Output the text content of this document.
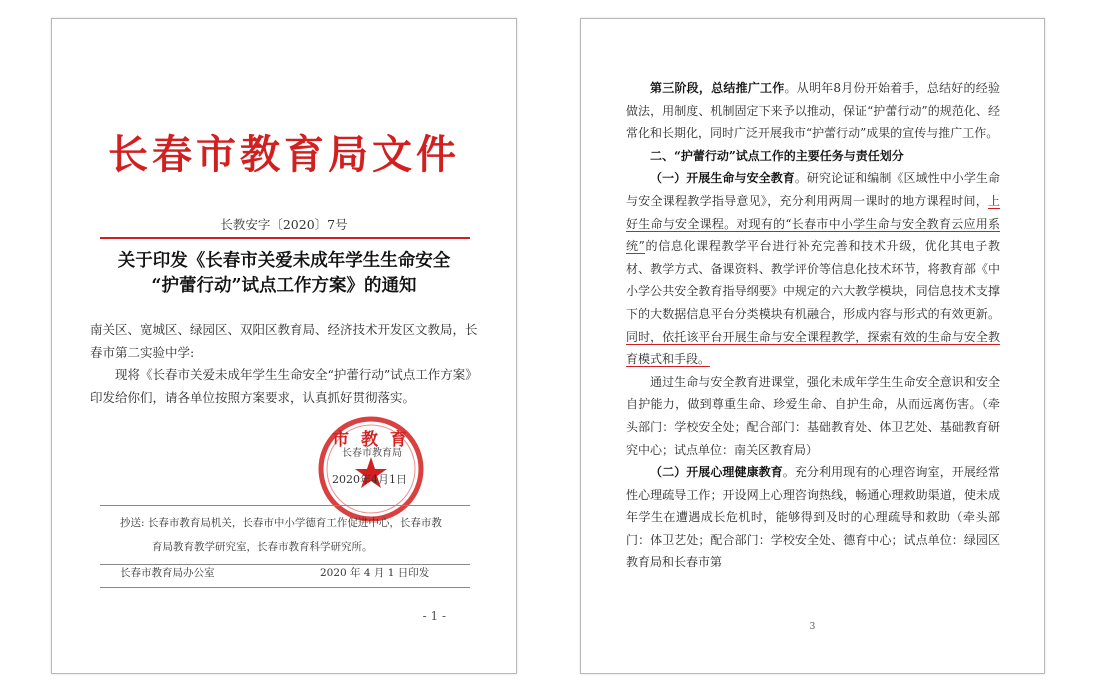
长春市教育局文件
长教安字〔2020〕7号
关于印发《长春市关爱未成年学生生命安全
“护蕾行动”试点工作方案》的通知
南关区、宽城区、绿园区、双阳区教育局、经济技术开发区文教局，长春市第二实验中学:
现将《长春市关爱未成年学生生命安全“护蕾行动”试点工作方案》印发给你们，请各单位按照方案要求，认真抓好贯彻落实。
市 教 育
长春市教育局
2020年4月1日
抄送: 长春市教育局机关，长春市中小学德育工作促进中心，长春市教
育局教育教学研究室，长春市教育科学研究所。
长春市教育局办公室	2020 年 4 月 1 日印发
- 1 -

第三阶段，总结推广工作。从明年8月份开始着手，总结好的经验做法，用制度、机制固定下来予以推动，保证“护蕾行动”的规范化、经常化和长期化，同时广泛开展我市“护蕾行动”成果的宣传与推广工作。

二、“护蕾行动”试点工作的主要任务与责任划分

（一）开展生命与安全教育。研究论证和编制《区域性中小学生命与安全课程教学指导意见》，充分利用两周一课时的地方课程时间，上好生命与安全课程。对现有的“长春市中小学生命与安全教育云应用系统”的信息化课程教学平台进行补充完善和技术升级，优化其电子教材、教学方式、备课资料、教学评价等信息化技术环节，将教育部《中小学公共安全教育指导纲要》中规定的六大教学模块，同信息技术支撑下的大数据信息平台分类模块有机融合，形成内容与形式的有效更新。同时，依托该平台开展生命与安全课程教学，探索有效的生命与安全教育模式和手段。

通过生命与安全教育进课堂，强化未成年学生生命安全意识和安全自护能力，做到尊重生命、珍爱生命、自护生命，从而远离伤害。（牵头部门：学校安全处；配合部门：基础教育处、体卫艺处、基础教育研究中心；试点单位：南关区教育局）

（二）开展心理健康教育。充分利用现有的心理咨询室，开展经常性心理疏导工作；开设网上心理咨询热线，畅通心理救助渠道，使未成年学生在遭遇成长危机时，能够得到及时的心理疏导和救助（牵头部门：体卫艺处；配合部门：学校安全处、德育中心；试点单位：绿园区教育局和长春市第

3
